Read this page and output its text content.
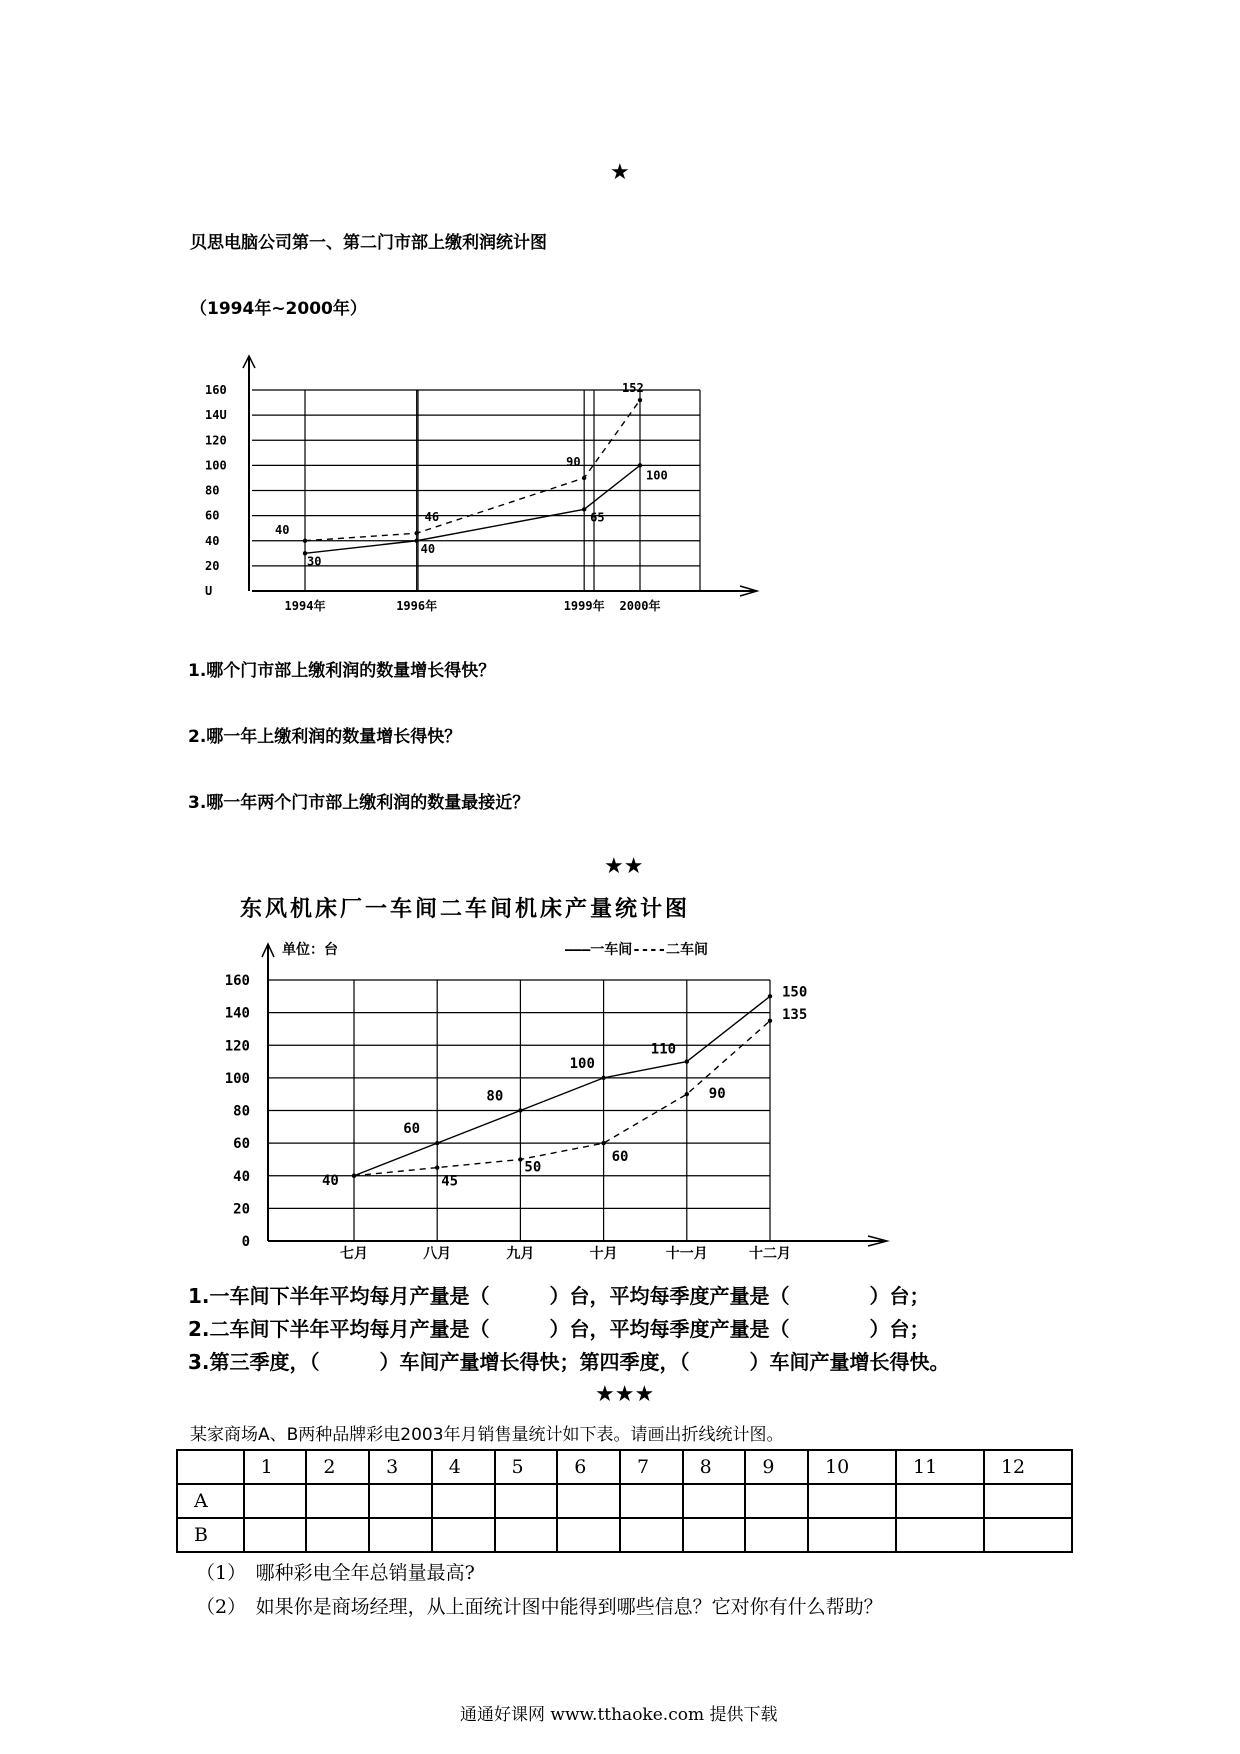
★
贝思电脑公司第一、第二门市部上缴利润统计图
（1994年~2000年）
U
20
40
60
80
100
120
14U
160
1994年	1996年	1999年 2000年
40
46
90
152
30
40
65
100
单位：台	———一车间----二车间
0
20
40
60
80
100
120
140
160
七月	八月	九月	十月	十一月	十二月
40
60
80
100
110
150
45
50
60
90
135
1.哪个门市部上缴利润的数量增长得快？
2.哪一年上缴利润的数量增长得快？
3.哪一年两个门市部上缴利润的数量最接近？
★★
东风机床厂一车间二车间机床产量统计图
1.一车间下半年平均每月产量是（　　　）台，平均每季度产量是（　　　　）台；
2.二车间下半年平均每月产量是（　　　）台，平均每季度产量是（　　　　）台；
3.第三季度，（　　　）车间产量增长得快；第四季度，（　　　）车间产量增长得快。
★★★
某家商场A、B两种品牌彩电2003年月销售量统计如下表。请画出折线统计图。
	1	2	3	4	5	6	7	8	9	10	11	12
A												
B												
（1）　哪种彩电全年总销量最高?
（2）　如果你是商场经理，从上面统计图中能得到哪些信息？它对你有什么帮助？
通通好课网 www.tthaoke.com 提供下载
